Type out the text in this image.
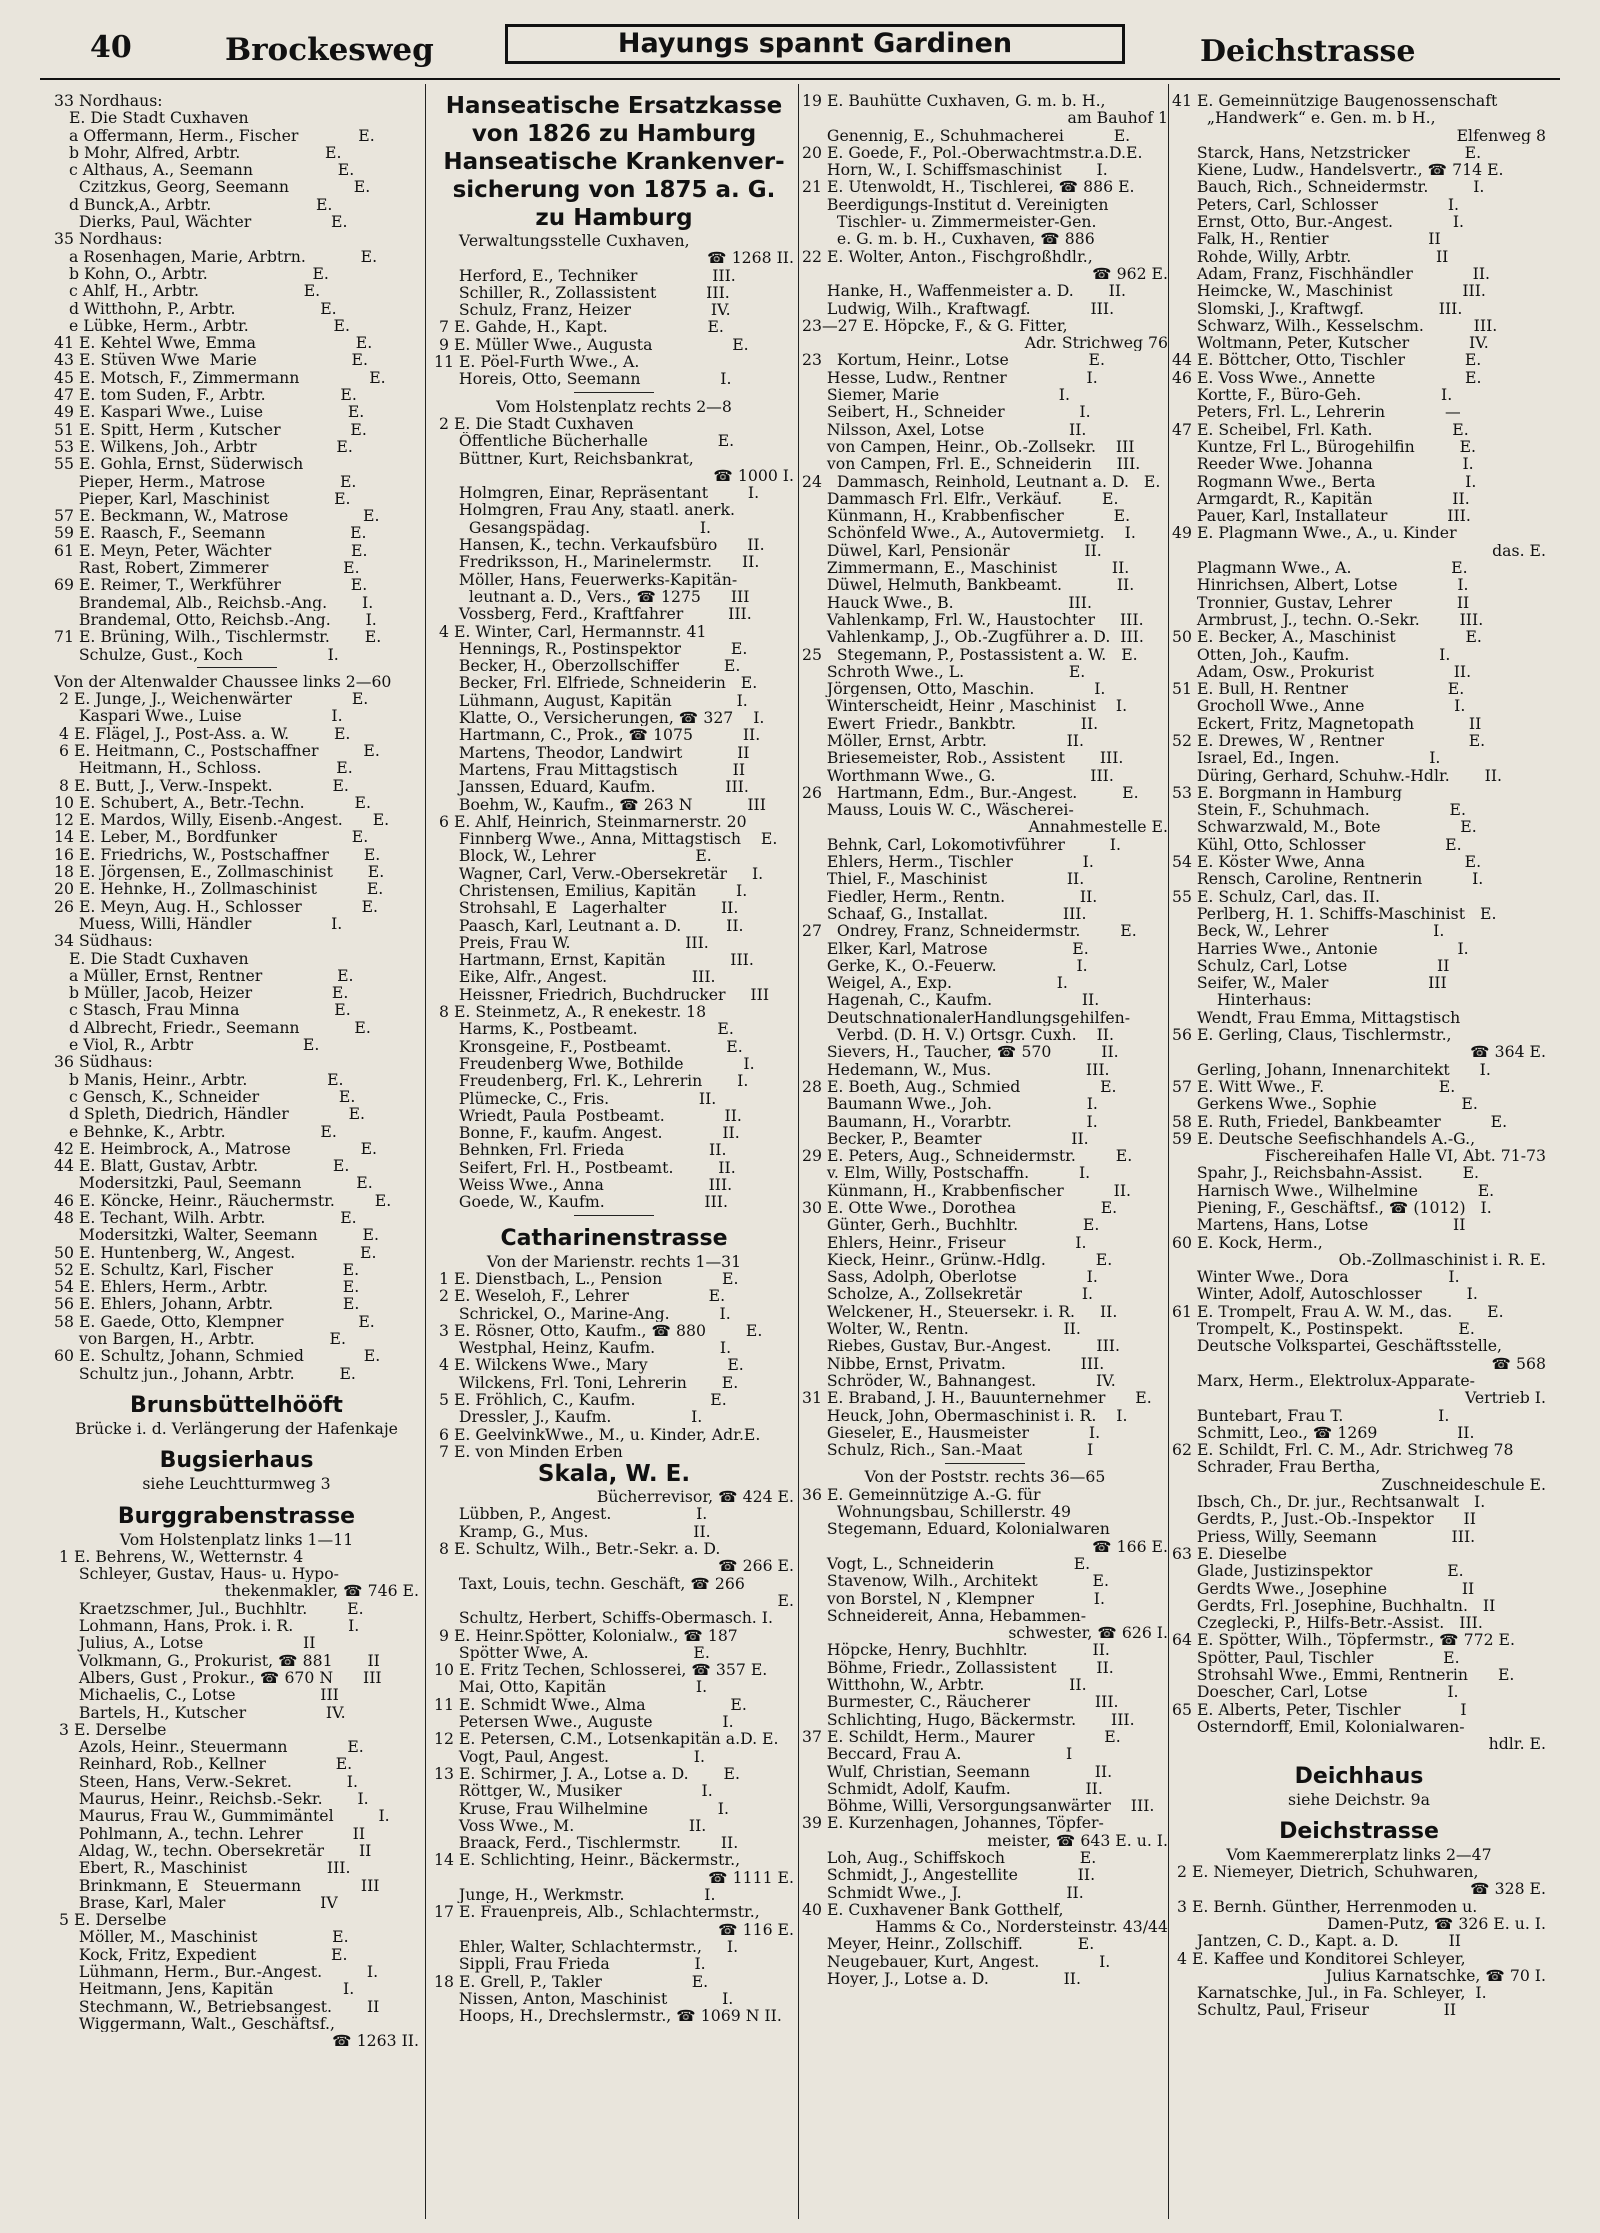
40	Brockesweg	Hayungs spannt Gardinen	Deichstrasse
33 Nordhaus:
E. Die Stadt Cuxhaven
a Offermann, Herm., Fischer            E.
b Mohr, Alfred, Arbtr.                 E.
c Althaus, A., Seemann                 E.
Czitzkus, Georg, Seemann             E.
d Bunck,A., Arbtr.                     E.
Dierks, Paul, Wächter                E.
35 Nordhaus:
a Rosenhagen, Marie, Arbtrn.           E.
b Kohn, O., Arbtr.                     E.
c Ahlf, H., Arbtr.                     E.
d Witthohn, P., Arbtr.                 E.
e Lübke, Herm., Arbtr.                 E.
41 E. Kehtel Wwe, Emma                    E.
43 E. Stüven Wwe  Marie                   E.
45 E. Motsch, F., Zimmermann              E.
47 E. tom Suden, F., Arbtr.               E.
49 E. Kaspari Wwe., Luise                 E.
51 E. Spitt, Herm , Kutscher              E.
53 E. Wilkens, Joh., Arbtr                E.
55 E. Gohla, Ernst, Süderwisch
Pieper, Herm., Matrose               E.
Pieper, Karl, Maschinist             E.
57 E. Beckmann, W., Matrose               E.
59 E. Raasch, F., Seemann                 E.
61 E. Meyn, Peter, Wächter                E.
Rast, Robert, Zimmerer               E.
69 E. Reimer, T., Werkführer              E.
Brandemal, Alb., Reichsb.-Ang.       I.
Brandemal, Otto, Reichsb.-Ang.       I.
71 E. Brüning, Wilh., Tischlermstr.       E.
Schulze, Gust., Koch                 I.
Von der Altenwalder Chaussee links 2—60
2 E. Junge, J., Weichenwärter            E.
Kaspari Wwe., Luise                  I.
4 E. Flägel, J., Post-Ass. a. W.         E.
6 E. Heitmann, C., Postschaffner         E.
Heitmann, H., Schloss.               E.
8 E. Butt, J., Verw.-Inspekt.            E.
10 E. Schubert, A., Betr.-Techn.          E.
12 E. Mardos, Willy, Eisenb.-Angest.      E.
14 E. Leber, M., Bordfunker               E.
16 E. Friedrichs, W., Postschaffner       E.
18 E. Jörgensen, E., Zollmaschinist       E.
20 E. Hehnke, H., Zollmaschinist          E.
26 E. Meyn, Aug. H., Schlosser            E.
Muess, Willi, Händler                I.
34 Südhaus:
E. Die Stadt Cuxhaven
a Müller, Ernst, Rentner               E.
b Müller, Jacob, Heizer                E.
c Stasch, Frau Minna                   E.
d Albrecht, Friedr., Seemann           E.
e Viol, R., Arbtr                      E.
36 Südhaus:
b Manis, Heinr., Arbtr.                E.
c Gensch, K., Schneider                E.
d Spleth, Diedrich, Händler            E.
e Behnke, K., Arbtr.                   E.
42 E. Heimbrock, A., Matrose              E.
44 E. Blatt, Gustav, Arbtr.               E.
Modersitzki, Paul, Seemann           E.
46 E. Köncke, Heinr., Räuchermstr.        E.
48 E. Techant, Wilh. Arbtr.               E.
Modersitzki, Walter, Seemann         E.
50 E. Huntenberg, W., Angest.             E.
52 E. Schultz, Karl, Fischer              E.
54 E. Ehlers, Herm., Arbtr.               E.
56 E. Ehlers, Johann, Arbtr.              E.
58 E. Gaede, Otto, Klempner               E.
von Bargen, H., Arbtr.               E.
60 E. Schultz, Johann, Schmied            E.
Schultz jun., Johann, Arbtr.         E.
Brunsbüttelhööft
Brücke i. d. Verlängerung der Hafenkaje
Bugsierhaus
siehe Leuchtturmweg 3
Burggrabenstrasse
Vom Holstenplatz links 1—11
1 E. Behrens, W., Wetternstr. 4
Schleyer, Gustav, Haus- u. Hypo-
thekenmakler, ☎ 746 E.
Kraetzschmer, Jul., Buchhltr.        E.
Lohmann, Hans, Prok. i. R.           I.
Julius, A., Lotse                    II
Volkmann, G., Prokurist, ☎ 881       II
Albers, Gust , Prokur., ☎ 670 N      III
Michaelis, C., Lotse                 III
Bartels, H., Kutscher                IV.
3 E. Derselbe
Azols, Heinr., Steuermann            E.
Reinhard, Rob., Kellner              E.
Steen, Hans, Verw.-Sekret.           I.
Maurus, Heinr., Reichsb.-Sekr.       I.
Maurus, Frau W., Gummimäntel         I.
Pohlmann, A., techn. Lehrer          II
Aldag, W., techn. Obersekretär       II
Ebert, R., Maschinist                III.
Brinkmann, E   Steuermann            III
Brase, Karl, Maler                   IV
5 E. Derselbe
Möller, M., Maschinist               E.
Kock, Fritz, Expedient               E.
Lühmann, Herm., Bur.-Angest.         I.
Heitmann, Jens, Kapitän              I.
Stechmann, W., Betriebsangest.       II
Wiggermann, Walt., Geschäftsf.,
☎ 1263 II.
Hanseatische Ersatzkasse
von 1826 zu Hamburg
Hanseatische Krankenver-
sicherung von 1875 a. G.
zu Hamburg
Verwaltungsstelle Cuxhaven,
☎ 1268 II.
Herford, E., Techniker               III.
Schiller, R., Zollassistent          III.
Schulz, Franz, Heizer                IV.
7 E. Gahde, H., Kapt.                    E.
9 E. Müller Wwe., Augusta                E.
11 E. Pöel-Furth Wwe., A.
Horeis, Otto, Seemann                I.
Vom Holstenplatz rechts 2—8
2 E. Die Stadt Cuxhaven
Öffentliche Bücherhalle              E.
Büttner, Kurt, Reichsbankrat,
☎ 1000 I.
Holmgren, Einar, Repräsentant        I.
Holmgren, Frau Any, staatl. anerk.
Gesangspädag.                      I.
Hansen, K., techn. Verkaufsbüro      II.
Fredriksson, H., Marinelermstr.      II.
Möller, Hans, Feuerwerks-Kapitän-
leutnant a. D., Vers., ☎ 1275      III
Vossberg, Ferd., Kraftfahrer         III.
4 E. Winter, Carl, Hermannstr. 41
Hennings, R., Postinspektor          E.
Becker, H., Oberzollschiffer         E.
Becker, Frl. Elfriede, Schneiderin   E.
Lühmann, August, Kapitän             I.
Klatte, O., Versicherungen, ☎ 327    I.
Hartmann, C., Prok., ☎ 1075          II.
Martens, Theodor, Landwirt           II
Martens, Frau Mittagstisch           II
Janssen, Eduard, Kaufm.              III.
Boehm, W., Kaufm., ☎ 263 N           III
6 E. Ahlf, Heinrich, Steinmarnerstr. 20
Finnberg Wwe., Anna, Mittagstisch    E.
Block, W., Lehrer                    E.
Wagner, Carl, Verw.-Obersekretär     I.
Christensen, Emilius, Kapitän        I.
Strohsahl, E   Lagerhalter           II.
Paasch, Karl, Leutnant a. D.         II.
Preis, Frau W.                       III.
Hartmann, Ernst, Kapitän             III.
Eike, Alfr., Angest.                 III.
Heissner, Friedrich, Buchdrucker     III
8 E. Steinmetz, A., R enekestr. 18
Harms, K., Postbeamt.                E.
Kronsgeine, F., Postbeamt.           E.
Freudenberg Wwe, Bothilde            I.
Freudenberg, Frl. K., Lehrerin       I.
Plümecke, C., Fris.                  II.
Wriedt, Paula  Postbeamt.            II.
Bonne, F., kaufm. Angest.            II.
Behnken, Frl. Frieda                 II.
Seifert, Frl. H., Postbeamt.         II.
Weiss Wwe., Anna                     III.
Goede, W., Kaufm.                    III.
Catharinenstrasse
Von der Marienstr. rechts 1—31
1 E. Dienstbach, L., Pension            E.
2 E. Weseloh, F., Lehrer                E.
Schrickel, O., Marine-Ang.          I.
3 E. Rösner, Otto, Kaufm., ☎ 880        E.
Westphal, Heinz, Kaufm.             I.
4 E. Wilckens Wwe., Mary                E.
Wilckens, Frl. Toni, Lehrerin       E.
5 E. Fröhlich, C., Kaufm.               E.
Dressler, J., Kaufm.                I.
6 E. GeelvinkWwe., M., u. Kinder, Adr.E.
7 E. von Minden Erben
Skala, W. E.
Bücherrevisor, ☎ 424 E.
Lübben, P., Angest.                 I.
Kramp, G., Mus.                     II.
8 E. Schultz, Wilh., Betr.-Sekr. a. D.
☎ 266 E.
Taxt, Louis, techn. Geschäft, ☎ 266
E.
Schultz, Herbert, Schiffs-Obermasch. I.
9 E. Heinr.Spötter, Kolonialw., ☎ 187
Spötter Wwe, A.                     E.
10 E. Fritz Techen, Schlosserei, ☎ 357 E.
Mai, Otto, Kapitän                  I.
11 E. Schmidt Wwe., Alma                 E.
Petersen Wwe., Auguste              I.
12 E. Petersen, C.M., Lotsenkapitän a.D. E.
Vogt, Paul, Angest.                 I.
13 E. Schirmer, J. A., Lotse a. D.       E.
Röttger, W., Musiker                I.
Kruse, Frau Wilhelmine              I.
Voss Wwe., M.                       II.
Braack, Ferd., Tischlermstr.        II.
14 E. Schlichting, Heinr., Bäckermstr.,
☎ 1111 E.
Junge, H., Werkmstr.                I.
17 E. Frauenpreis, Alb., Schlachtermstr.,
☎ 116 E.
Ehler, Walter, Schlachtermstr.,     I.
Sippli, Frau Frieda                 I.
18 E. Grell, P., Takler                  E.
Nissen, Anton, Maschinist           I.
Hoops, H., Drechslermstr., ☎ 1069 N II.
19 E. Bauhütte Cuxhaven, G. m. b. H.,
am Bauhof 1
Genennig, E., Schuhmacherei          E.
20 E. Goede, F., Pol.-Oberwachtmstr.a.D.E.
Horn, W., I. Schiffsmaschinist       I.
21 E. Utenwoldt, H., Tischlerei, ☎ 886 E.
Beerdigungs-Institut d. Vereinigten
Tischler- u. Zimmermeister-Gen.
e. G. m. b. H., Cuxhaven, ☎ 886
22 E. Wolter, Anton., Fischgroßhdlr.,
☎ 962 E.
Hanke, H., Waffenmeister a. D.       II.
Ludwig, Wilh., Kraftwagf.            III.
23—27 E. Höpcke, F., & G. Fitter,
Adr. Strichweg 76
23   Kortum, Heinr., Lotse                E.
Hesse, Ludw., Rentner                I.
Siemer, Marie                        I.
Seibert, H., Schneider               I.
Nilsson, Axel, Lotse                 II.
von Campen, Heinr., Ob.-Zollsekr.    III
von Campen, Frl. E., Schneiderin     III.
24   Dammasch, Reinhold, Leutnant a. D.   E.
Dammasch Frl. Elfr., Verkäuf.        E.
Künmann, H., Krabbenfischer          E.
Schönfeld Wwe., A., Autovermietg.    I.
Düwel, Karl, Pensionär               II.
Zimmermann, E., Maschinist           II.
Düwel, Helmuth, Bankbeamt.           II.
Hauck Wwe., B.                       III.
Vahlenkamp, Frl. W., Haustochter     III.
Vahlenkamp, J., Ob.-Zugführer a. D.  III.
25   Stegemann, P., Postassistent a. W.   E.
Schroth Wwe., L.                     E.
Jörgensen, Otto, Maschin.            I.
Winterscheidt, Heinr , Maschinist    I.
Ewert  Friedr., Bankbtr.             II.
Möller, Ernst, Arbtr.                II.
Briesemeister, Rob., Assistent       III.
Worthmann Wwe., G.                   III.
26   Hartmann, Edm., Bur.-Angest.         E.
Mauss, Louis W. C., Wäscherei-
Annahmestelle E.
Behnk, Carl, Lokomotivführer         I.
Ehlers, Herm., Tischler              I.
Thiel, F., Maschinist                II.
Fiedler, Herm., Rentn.               II.
Schaaf, G., Installat.               III.
27   Ondrey, Franz, Schneidermstr.        E.
Elker, Karl, Matrose                 E.
Gerke, K., O.-Feuerw.                I.
Weigel, A., Exp.                     I.
Hagenah, C., Kaufm.                  II.
DeutschnationalerHandlungsgehilfen-
Verbd. (D. H. V.) Ortsgr. Cuxh.    II.
Sievers, H., Taucher, ☎ 570          II.
Hedemann, W., Mus.                   III.
28 E. Boeth, Aug., Schmied                E.
Baumann Wwe., Joh.                   I.
Baumann, H., Vorarbtr.               I.
Becker, P., Beamter                  II.
29 E. Peters, Aug., Schneidermstr.        E.
v. Elm, Willy, Postschaffn.          I.
Künmann, H., Krabbenfischer          II.
30 E. Otte Wwe., Dorothea                 E.
Günter, Gerh., Buchhltr.             E.
Ehlers, Heinr., Friseur              I.
Kieck, Heinr., Grünw.-Hdlg.          E.
Sass, Adolph, Oberlotse              I.
Scholze, A., Zollsekretär            I.
Welckener, H., Steuersekr. i. R.     II.
Wolter, W., Rentn.                   II.
Riebes, Gustav, Bur.-Angest.         III.
Nibbe, Ernst, Privatm.               III.
Schröder, W., Bahnangest.            IV.
31 E. Braband, J. H., Bauunternehmer      E.
Heuck, John, Obermaschinist i. R.    I.
Gieseler, E., Hausmeister            I.
Schulz, Rich., San.-Maat             I
Von der Poststr. rechts 36—65
36 E. Gemeinnützige A.-G. für
Wohnungsbau, Schillerstr. 49
Stegemann, Eduard, Kolonialwaren
☎ 166 E.
Vogt, L., Schneiderin                E.
Stavenow, Wilh., Architekt           E.
von Borstel, N , Klempner            I.
Schneidereit, Anna, Hebammen-
schwester, ☎ 626 I.
Höpcke, Henry, Buchhltr.             II.
Böhme, Friedr., Zollassistent        II.
Witthohn, W., Arbtr.                 II.
Burmester, C., Räucherer             III.
Schlichting, Hugo, Bäckermstr.       III.
37 E. Schildt, Herm., Maurer              E.
Beccard, Frau A.                     I
Wulf, Christian, Seemann             II.
Schmidt, Adolf, Kaufm.               II.
Böhme, Willi, Versorgungsanwärter    III.
39 E. Kurzenhagen, Johannes, Töpfer-
meister, ☎ 643 E. u. I.
Loh, Aug., Schiffskoch               E.
Schmidt, J., Angestellite            II.
Schmidt Wwe., J.                     II.
40 E. Cuxhavener Bank Gotthelf,
Hamms & Co., Nordersteinstr. 43/44
Meyer, Heinr., Zollschiff.           E.
Neugebauer, Kurt, Angest.            I.
Hoyer, J., Lotse a. D.               II.
41 E. Gemeinnützige Baugenossenschaft
„Handwerk“ e. Gen. m. b H.,
Elfenweg 8
Starck, Hans, Netzstricker           E.
Kiene, Ludw., Handelsvertr., ☎ 714 E.
Bauch, Rich., Schneidermstr.         I.
Peters, Carl, Schlosser              I.
Ernst, Otto, Bur.-Angest.            I.
Falk, H., Rentier                    II
Rohde, Willy, Arbtr.                 II
Adam, Franz, Fischhändler            II.
Heimcke, W., Maschinist              III.
Slomski, J., Kraftwgf.               III.
Schwarz, Wilh., Kesselschm.          III.
Woltmann, Peter, Kutscher            IV.
44 E. Böttcher, Otto, Tischler            E.
46 E. Voss Wwe., Annette                  E.
Kortte, F., Büro-Geh.                I.
Peters, Frl. L., Lehrerin            —
47 E. Scheibel, Frl. Kath.                E.
Kuntze, Frl L., Bürogehilfin         E.
Reeder Wwe. Johanna                  I.
Rogmann Wwe., Berta                  I.
Armgardt, R., Kapitän                II.
Pauer, Karl, Installateur            III.
49 E. Plagmann Wwe., A., u. Kinder
das. E.
Plagmann Wwe., A.                    E.
Hinrichsen, Albert, Lotse            I.
Tronnier, Gustav, Lehrer             II
Armbrust, J., techn. O.-Sekr.        III.
50 E. Becker, A., Maschinist              E.
Otten, Joh., Kaufm.                  I.
Adam, Osw., Prokurist                II.
51 E. Bull, H. Rentner                    E.
Grocholl Wwe., Anne                  I.
Eckert, Fritz, Magnetopath           II
52 E. Drewes, W , Rentner                 E.
Israel, Ed., Ingen.                  I.
Düring, Gerhard, Schuhw.-Hdlr.       II.
53 E. Borgmann in Hamburg
Stein, F., Schuhmach.                E.
Schwarzwald, M., Bote                E.
Kühl, Otto, Schlosser                E.
54 E. Köster Wwe, Anna                    E.
Rensch, Caroline, Rentnerin          I.
55 E. Schulz, Carl, das. II.
Perlberg, H. 1. Schiffs-Maschinist   E.
Beck, W., Lehrer                     I.
Harries Wwe., Antonie                I.
Schulz, Carl, Lotse                  II
Seifer, W., Maler                    III
Hinterhaus:
Wendt, Frau Emma, Mittagstisch
56 E. Gerling, Claus, Tischlermstr.,
☎ 364 E.
Gerling, Johann, Innenarchitekt      I.
57 E. Witt Wwe., F.                       E.
Gerkens Wwe., Sophie                 E.
58 E. Ruth, Friedel, Bankbeamter          E.
59 E. Deutsche Seefischhandels A.-G.,
Fischereihafen Halle VI, Abt. 71-73
Spahr, J., Reichsbahn-Assist.        E.
Harnisch Wwe., Wilhelmine            E.
Piening, F., Geschäftsf., ☎ (1012)   I.
Martens, Hans, Lotse                 II
60 E. Kock, Herm.,
Ob.-Zollmaschinist i. R. E.
Winter Wwe., Dora                    I.
Winter, Adolf, Autoschlosser         I.
61 E. Trompelt, Frau A. W. M., das.       E.
Trompelt, K., Postinspekt.           E.
Deutsche Volkspartei, Geschäftsstelle,
☎ 568
Marx, Herm., Elektrolux-Apparate-
Vertrieb I.
Buntebart, Frau T.                   I.
Schmitt, Leo., ☎ 1269                II.
62 E. Schildt, Frl. C. M., Adr. Strichweg 78
Schrader, Frau Bertha,
Zuschneideschule E.
Ibsch, Ch., Dr. jur., Rechtsanwalt   I.
Gerdts, P., Just.-Ob.-Inspektor      II
Priess, Willy, Seemann               III.
63 E. Dieselbe
Glade, Justizinspektor               E.
Gerdts Wwe., Josephine               II
Gerdts, Frl. Josephine, Buchhaltn.   II
Czeglecki, P., Hilfs-Betr.-Assist.   III.
64 E. Spötter, Wilh., Töpfermstr., ☎ 772 E.
Spötter, Paul, Tischler              E.
Strohsahl Wwe., Emmi, Rentnerin      E.
Doescher, Carl, Lotse                I.
65 E. Alberts, Peter, Tischler            I
Osterndorff, Emil, Kolonialwaren-
hdlr. E.
Deichhaus
siehe Deichstr. 9a
Deichstrasse
Vom Kaemmererplatz links 2—47
2 E. Niemeyer, Dietrich, Schuhwaren,
☎ 328 E.
3 E. Bernh. Günther, Herrenmoden u.
Damen-Putz, ☎ 326 E. u. I.
Jantzen, C. D., Kapt. a. D.          II
4 E. Kaffee und Konditorei Schleyer,
Julius Karnatschke, ☎ 70 I.
Karnatschke, Jul., in Fa. Schleyer,  I.
Schultz, Paul, Friseur               II
